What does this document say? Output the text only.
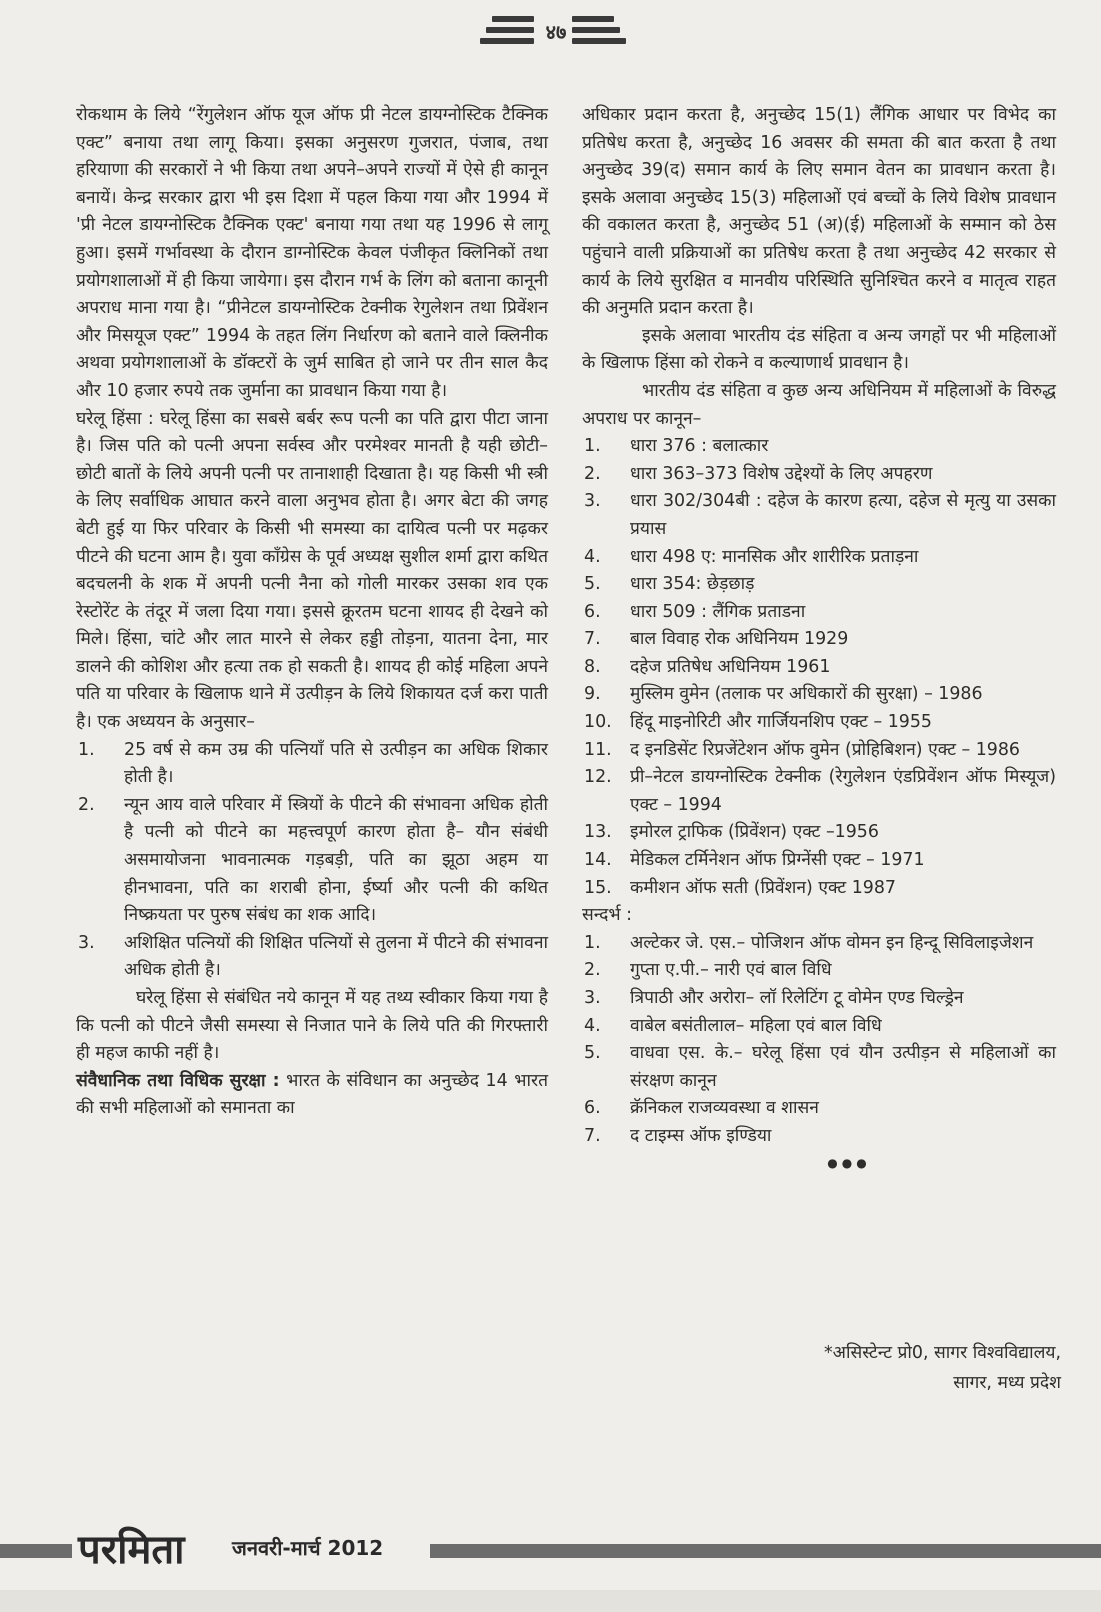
४७

रोकथाम के लिये “रेंगुलेशन ऑफ यूज ऑफ प्री नेटल डायग्नोस्टिक टैक्निक एक्ट” बनाया तथा लागू किया। इसका अनुसरण गुजरात, पंजाब, तथा हरियाणा की सरकारों ने भी किया तथा अपने–अपने राज्यों में ऐसे ही कानून बनायें। केन्द्र सरकार द्वारा भी इस दिशा में पहल किया गया और 1994 में 'प्री नेटल डायग्नोस्टिक टैक्निक एक्ट' बनाया गया तथा यह 1996 से लागू हुआ। इसमें गर्भावस्था के दौरान डाग्नोस्टिक केवल पंजीकृत क्लिनिकों तथा प्रयोगशालाओं में ही किया जायेगा। इस दौरान गर्भ के लिंग को बताना कानूनी अपराध माना गया है। “प्रीनेटल डायग्नोस्टिक टेक्नीक रेगुलेशन तथा प्रिवेंशन और मिसयूज एक्ट” 1994 के तहत लिंग निर्धारण को बताने वाले क्लिनीक अथवा प्रयोगशालाओं के डॉक्टरों के जुर्म साबित हो जाने पर तीन साल कैद और 10 हजार रुपये तक जुर्माना का प्रावधान किया गया है।

घरेलू हिंसा : घरेलू हिंसा का सबसे बर्बर रूप पत्नी का पति द्वारा पीटा जाना है। जिस पति को पत्नी अपना सर्वस्व और परमेश्वर मानती है यही छोटी–छोटी बातों के लिये अपनी पत्नी पर तानाशाही दिखाता है। यह किसी भी स्त्री के लिए सर्वाधिक आघात करने वाला अनुभव होता है। अगर बेटा की जगह बेटी हुई या फिर परिवार के किसी भी समस्या का दायित्व पत्नी पर मढ़कर पीटने की घटना आम है। युवा कॉंग्रेस के पूर्व अध्यक्ष सुशील शर्मा द्वारा कथित बदचलनी के शक में अपनी पत्नी नैना को गोली मारकर उसका शव एक रेस्टोरेंट के तंदूर में जला दिया गया। इससे क्रूरतम घटना शायद ही देखने को मिले। हिंसा, चांटे और लात मारने से लेकर हड्डी तोड़ना, यातना देना, मार डालने की कोशिश और हत्या तक हो सकती है। शायद ही कोई महिला अपने पति या परिवार के खिलाफ थाने में उत्पीड़न के लिये शिकायत दर्ज करा पाती है। एक अध्ययन के अनुसार–

1. 25 वर्ष से कम उम्र की पत्नियाँ पति से उत्पीड़न का अधिक शिकार होती है।
2. न्यून आय वाले परिवार में स्त्रियों के पीटने की संभावना अधिक होती है पत्नी को पीटने का महत्त्वपूर्ण कारण होता है– यौन संबंधी असमायोजना भावनात्मक गड़बड़ी, पति का झूठा अहम या हीनभावना, पति का शराबी होना, ईर्ष्या और पत्नी की कथित निष्क्रयता पर पुरुष संबंध का शक आदि।
3. अशिक्षित पत्नियों की शिक्षित पत्नियों से तुलना में पीटने की संभावना अधिक होती है।

घरेलू हिंसा से संबंधित नये कानून में यह तथ्य स्वीकार किया गया है कि पत्नी को पीटने जैसी समस्या से निजात पाने के लिये पति की गिरफ्तारी ही महज काफी नहीं है।

संवैधानिक तथा विधिक सुरक्षा : भारत के संविधान का अनुच्छेद 14 भारत की सभी महिलाओं को समानता का

अधिकार प्रदान करता है, अनुच्छेद 15(1) लैंगिक आधार पर विभेद का प्रतिषेध करता है, अनुच्छेद 16 अवसर की समता की बात करता है तथा अनुच्छेद 39(द) समान कार्य के लिए समान वेतन का प्रावधान करता है। इसके अलावा अनुच्छेद 15(3) महिलाओं एवं बच्चों के लिये विशेष प्रावधान की वकालत करता है, अनुच्छेद 51 (अ)(ई) महिलाओं के सम्मान को ठेस पहुंचाने वाली प्रक्रियाओं का प्रतिषेध करता है तथा अनुच्छेद 42 सरकार से कार्य के लिये सुरक्षित व मानवीय परिस्थिति सुनिश्चित करने व मातृत्व राहत की अनुमति प्रदान करता है।

इसके अलावा भारतीय दंड संहिता व अन्य जगहों पर भी महिलाओं के खिलाफ हिंसा को रोकने व कल्याणार्थ प्रावधान है।

भारतीय दंड संहिता व कुछ अन्य अधिनियम में महिलाओं के विरुद्ध अपराध पर कानून–

1. धारा 376 : बलात्कार
2. धारा 363–373 विशेष उद्देश्यों के लिए अपहरण
3. धारा 302/304बी : दहेज के कारण हत्या, दहेज से मृत्यु या उसका प्रयास
4. धारा 498 ए: मानसिक और शारीरिक प्रताड़ना
5. धारा 354: छेड़छाड़
6. धारा 509 : लैंगिक प्रताडना
7. बाल विवाह रोक अधिनियम 1929
8. दहेज प्रतिषेध अधिनियम 1961
9. मुस्लिम वुमेन (तलाक पर अधिकारों की सुरक्षा) – 1986
10. हिंदू माइनोरिटी और गार्जियनशिप एक्ट – 1955
11. द इनडिसेंट रिप्रजेंटेशन ऑफ वुमेन (प्रोहिबिशन) एक्ट – 1986
12. प्री–नेटल डायग्नोस्टिक टेक्नीक (रेगुलेशन एंडप्रिवेंशन ऑफ मिस्यूज) एक्ट – 1994
13. इमोरल ट्राफिक (प्रिवेंशन) एक्ट –1956
14. मेडिकल टर्मिनेशन ऑफ प्रिग्नेंसी एक्ट – 1971
15. कमीशन ऑफ सती (प्रिवेंशन) एक्ट 1987

सन्दर्भ :

1. अल्टेकर जे. एस.– पोजिशन ऑफ वोमन इन हिन्दू सिविलाइजेशन
2. गुप्ता ए.पी.– नारी एवं बाल विधि
3. त्रिपाठी और अरोरा– लॉ रिलेटिंग टू वोमेन एण्ड चिल्ड्रेन
4. वाबेल बसंतीलाल– महिला एवं बाल विधि
5. वाधवा एस. के.– घरेलू हिंसा एवं यौन उत्पीड़न से महिलाओं का संरक्षण कानून
6. क्रॅनिकल राजव्यवस्था व शासन
7. द टाइम्स ऑफ इण्डिया
●●●
*असिस्टेन्ट प्रो0, सागर विश्वविद्यालय,
सागर, मध्य प्रदेश
परमिता जनवरी-मार्च 2012
